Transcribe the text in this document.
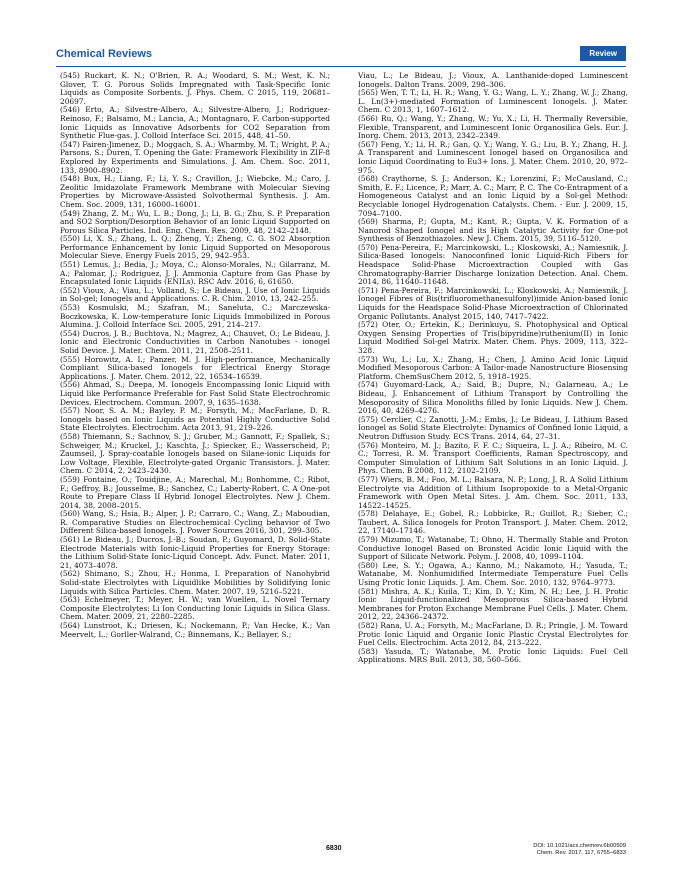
Chemical Reviews	Review

(545) Ruckart, K. N.; O'Brien, R. A.; Woodard, S. M.; West, K. N.; Glover, T. G. Porous Solids Impregnated with Task-Specific Ionic Liquids as Composite Sorbents. J. Phys. Chem. C 2015, 119, 20681–20697.

(546) Erto, A.; Silvestre-Albero, A.; Silvestre-Albero, J.; Rodriguez-Reinoso, F.; Balsamo, M.; Lancia, A.; Montagnaro, F. Carbon-supported Ionic Liquids as Innovative Adsorbents for CO2 Separation from Synthetic Flue-gas. J. Colloid Interface Sci. 2015, 448, 41–50.

(547) Fairen-Jimenez, D.; Moggach, S. A.; Wharmby, M. T.; Wright, P. A.; Parsons, S.; Duren, T. Opening the Gate: Framework Flexibility in ZIF-8 Explored by Experiments and Simulations. J. Am. Chem. Soc. 2011, 133, 8900–8902.

(548) Bux, H.; Liang, F.; Li, Y. S.; Cravillon, J.; Wiebcke, M.; Caro, J. Zeolitic Imidazolate Framework Membrane with Molecular Sieving Properties by Microwave-Assisted Solvothermal Synthesis. J. Am. Chem. Soc. 2009, 131, 16000–16001.

(549) Zhang, Z. M.; Wu, L. B.; Dong, J.; Li, B. G.; Zhu, S. P. Preparation and SO2 Sorption/Desorption Behavior of an Ionic Liquid Supported on Porous Silica Particles. Ind. Eng. Chem. Res. 2009, 48, 2142–2148.

(550) Li, X. S.; Zhang, L. Q.; Zheng, Y.; Zheng, C. G. SO2 Absorption Performance Enhancement by Ionic Liquid Supported on Mesoporous Molecular Sieve. Energy Fuels 2015, 29, 942–953.

(551) Lemus, J.; Bedia, J.; Moya, C.; Alonso-Morales, N.; Gilarranz, M. A.; Palomar, J.; Rodriguez, J. J. Ammonia Capture from Gas Phase by Encapsulated Ionic Liquids (ENILs). RSC Adv. 2016, 6, 61650.

(552) Vioux, A.; Viau, L.; Volland, S.; Le Bideau, J. Use of Ionic Liquids in Sol-gel; Ionogels and Applications. C. R. Chim. 2010, 13, 242–255.

(553) Kosmulski, M.; Szafran, M.; Saneluta, C.; Marczewska-Boczkowska, K. Low-temperature Ionic Liquids Immobilized in Porous Alumina. J. Colloid Interface Sci. 2005, 291, 214–217.

(554) Ducros, J. B.; Buchtova, N.; Magrez, A.; Chauvet, O.; Le Bideau, J. Ionic and Electronic Conductivities in Carbon Nanotubes - ionogel Solid Device. J. Mater. Chem. 2011, 21, 2508–2511.

(555) Horowitz, A. I.; Panzer, M. J. High-performance, Mechanically Compliant Silica-based Ionogels for Electrical Energy Storage Applications. J. Mater. Chem. 2012, 22, 16534–16539.

(556) Ahmad, S.; Deepa, M. Ionogels Encompassing Ionic Liquid with Liquid like Performance Preferable for Fast Solid State Electrochromic Devices. Electrochem. Commun. 2007, 9, 1635–1638.

(557) Noor, S. A. M.; Bayley, P. M.; Forsyth, M.; MacFarlane, D. R. Ionogels based on Ionic Liquids as Potential Highly Conductive Solid State Electrolytes. Electrochim. Acta 2013, 91, 219–226.

(558) Thiemann, S.; Sachnov, S. J.; Gruber, M.; Gannott, F.; Spallek, S.; Schweiger, M.; Kruckel, J.; Kaschta, J.; Spiecker, E.; Wasserscheid, P.; Zaumseil, J. Spray-coatable Ionogels based on Silane-ionic Liquids for Low Voltage, Flexible, Electrolyte-gated Organic Transistors. J. Mater. Chem. C 2014, 2, 2423–2430.

(559) Fontaine, O.; Touidjine, A.; Marechal, M.; Bonhomme, C.; Ribot, F.; Geffroy, B.; Jousselme, B.; Sanchez, C.; Laberty-Robert, C. A One-pot Route to Prepare Class II Hybrid Ionogel Electrolytes. New J. Chem. 2014, 38, 2008–2015.

(560) Wang, S.; Hsia, B.; Alper, J. P.; Carraro, C.; Wang, Z.; Maboudian, R. Comparative Studies on Electrochemical Cycling behavior of Two Different Silica-based Ionogels. J. Power Sources 2016, 301, 299–305.

(561) Le Bideau, J.; Ducros, J.-B.; Soudan, P.; Guyomard, D. Solid-State Electrode Materials with Ionic-Liquid Properties for Energy Storage: the Lithium Solid-State Ionic-Liquid Concept. Adv. Funct. Mater. 2011, 21, 4073–4078.

(562) Shimano, S.; Zhou, H.; Honma, I. Preparation of Nanohybrid Solid-state Electrolytes with Liquidlike Mobilities by Solidifying Ionic Liquids with Silica Particles. Chem. Mater. 2007, 19, 5216–5221.

(563) Echelmeyer, T.; Meyer, H. W.; van Wuellen, L. Novel Ternary Composite Electrolytes: Li Ion Conducting Ionic Liquids in Silica Glass. Chem. Mater. 2009, 21, 2280–2285.

(564) Lunstroot, K.; Driesen, K.; Nockemann, P.; Van Hecke, K.; Van Meervelt, L.; Gorller-Walrand, C.; Binnemans, K.; Bellayer, S.;

Viau, L.; Le Bideau, J.; Vioux, A. Lanthanide-doped Luminescent Ionogels. Dalton Trans. 2009, 298–306.

(565) Wen, T. T.; Li, H. R.; Wang, Y. G.; Wang, L. Y.; Zhang, W. J.; Zhang, L. Ln(3+)-mediated Formation of Luminescent Ionogels. J. Mater. Chem. C 2013, 1, 1607–1612.

(566) Ru, Q.; Wang, Y.; Zhang, W.; Yu, X.; Li, H. Thermally Reversible, Flexible, Transparent, and Luminescent Ionic Organosilica Gels. Eur. J. Inorg. Chem. 2013, 2013, 2342–2349.

(567) Feng, Y.; Li, H. R.; Gan, Q. Y.; Wang, Y. G.; Liu, B. Y.; Zhang, H. J. A Transparent and Luminescent Ionogel based on Organosilica and Ionic Liquid Coordinating to Eu3+ Ions. J. Mater. Chem. 2010, 20, 972–975.

(568) Craythorne, S. J.; Anderson, K.; Lorenzini, F.; McCausland, C.; Smith, E. F.; Licence, P.; Marr, A. C.; Marr, P. C. The Co-Entrapment of a Homogeneous Catalyst and an Ionic Liquid by a Sol-gel Method: Recyclable Ionogel Hydrogenation Catalysts. Chem. - Eur. J. 2009, 15, 7094–7100.

(569) Sharma, P.; Gupta, M.; Kant, R.; Gupta, V. K. Formation of a Nanorod Shaped Ionogel and its High Catalytic Activity for One-pot Synthesis of Benzothiazoles. New J. Chem. 2015, 39, 5116–5120.

(570) Pena-Pereira, F.; Marcinkowski, L.; Kloskowski, A.; Namiesnik, J. Silica-Based Ionogels: Nanoconfined Ionic Liquid-Rich Fibers for Headspace Solid-Phase Microextraction Coupled with Gas Chromatography-Barrier Discharge Ionization Detection. Anal. Chem. 2014, 86, 11640–11648.

(571) Pena-Pereira, F.; Marcinkowski, L.; Kloskowski, A.; Namiesnik, J. Ionogel Fibres of Bis(trifluoromethanesulfonyl)imide Anion-based Ionic Liquids for the Headspace Solid-Phase Microextraction of Chlorinated Organic Pollutants. Analyst 2015, 140, 7417–7422.

(572) Oter, O.; Ertekin, K.; Derinkuyu, S. Photophysical and Optical Oxygen Sensing Properties of Tris(bipyridine)ruthenium(II) in Ionic Liquid Modified Sol-gel Matrix. Mater. Chem. Phys. 2009, 113, 322–328.

(573) Wu, L.; Lu, X.; Zhang, H.; Chen, J. Amino Acid Ionic Liquid Modified Mesoporous Carbon: A Tailor-made Nanostructure Biosensing Platform. ChemSusChem 2012, 5, 1918–1925.

(574) Guyomard-Lack, A.; Said, B.; Dupre, N.; Galarneau, A.; Le Bideau, J. Enhancement of Lithium Transport by Controlling the Mesoporosity of Silica Monoliths filled by Ionic Liquids. New J. Chem. 2016, 40, 4269–4276.

(575) Cerclier, C.; Zanotti, J.-M.; Embs, J.; Le Bideau, J. Lithium Based Ionogel as Solid State Electrolyte: Dynamics of Confined Ionic Liquid, a Neutron Diffusion Study. ECS Trans. 2014, 64, 27–31.

(576) Monteiro, M. J.; Bazito, F. F. C.; Siqueira, L. J. A.; Ribeiro, M. C. C.; Torresi, R. M. Transport Coefficients, Raman Spectroscopy, and Computer Simulation of Lithium Salt Solutions in an Ionic Liquid. J. Phys. Chem. B 2008, 112, 2102–2109.

(577) Wiers, B. M.; Foo, M. L.; Balsara, N. P.; Long, J. R. A Solid Lithium Electrolyte via Addition of Lithium Isopropoxide to a Metal-Organic Framework with Open Metal Sites. J. Am. Chem. Soc. 2011, 133, 14522–14525.

(578) Delahaye, E.; Gobel, R.; Lobbicke, R.; Guillot, R.; Sieber, C.; Taubert, A. Silica Ionogels for Proton Transport. J. Mater. Chem. 2012, 22, 17140–17146.

(579) Mizumo, T.; Watanabe, T.; Ohno, H. Thermally Stable and Proton Conductive Ionogel Based on Bronsted Acidic Ionic Liquid with the Support of Silicate Network. Polym. J. 2008, 40, 1099–1104.

(580) Lee, S. Y.; Ogawa, A.; Kanno, M.; Nakamoto, H.; Yasuda, T.; Watanabe, M. Nonhumidified Intermediate Temperature Fuel Cells Using Protic Ionic Liquids. J. Am. Chem. Soc. 2010, 132, 9764–9773.

(581) Mishra, A. K.; Kuila, T.; Kim, D. Y.; Kim, N. H.; Lee, J. H. Protic Ionic Liquid-functionalized Mesoporous Silica-based Hybrid Membranes for Proton Exchange Membrane Fuel Cells. J. Mater. Chem. 2012, 22, 24366–24372.

(582) Rana, U. A.; Forsyth, M.; MacFarlane, D. R.; Pringle, J. M. Toward Protic Ionic Liquid and Organic Ionic Plastic Crystal Electrolytes for Fuel Cells. Electrochim. Acta 2012, 84, 213–222.

(583) Yasuda, T.; Watanabe, M. Protic Ionic Liquids: Fuel Cell Applications. MRS Bull. 2013, 38, 560–566.

6830	DOI: 10.1021/acs.chemrev.6b00509
Chem. Rev. 2017, 117, 6755–6833
